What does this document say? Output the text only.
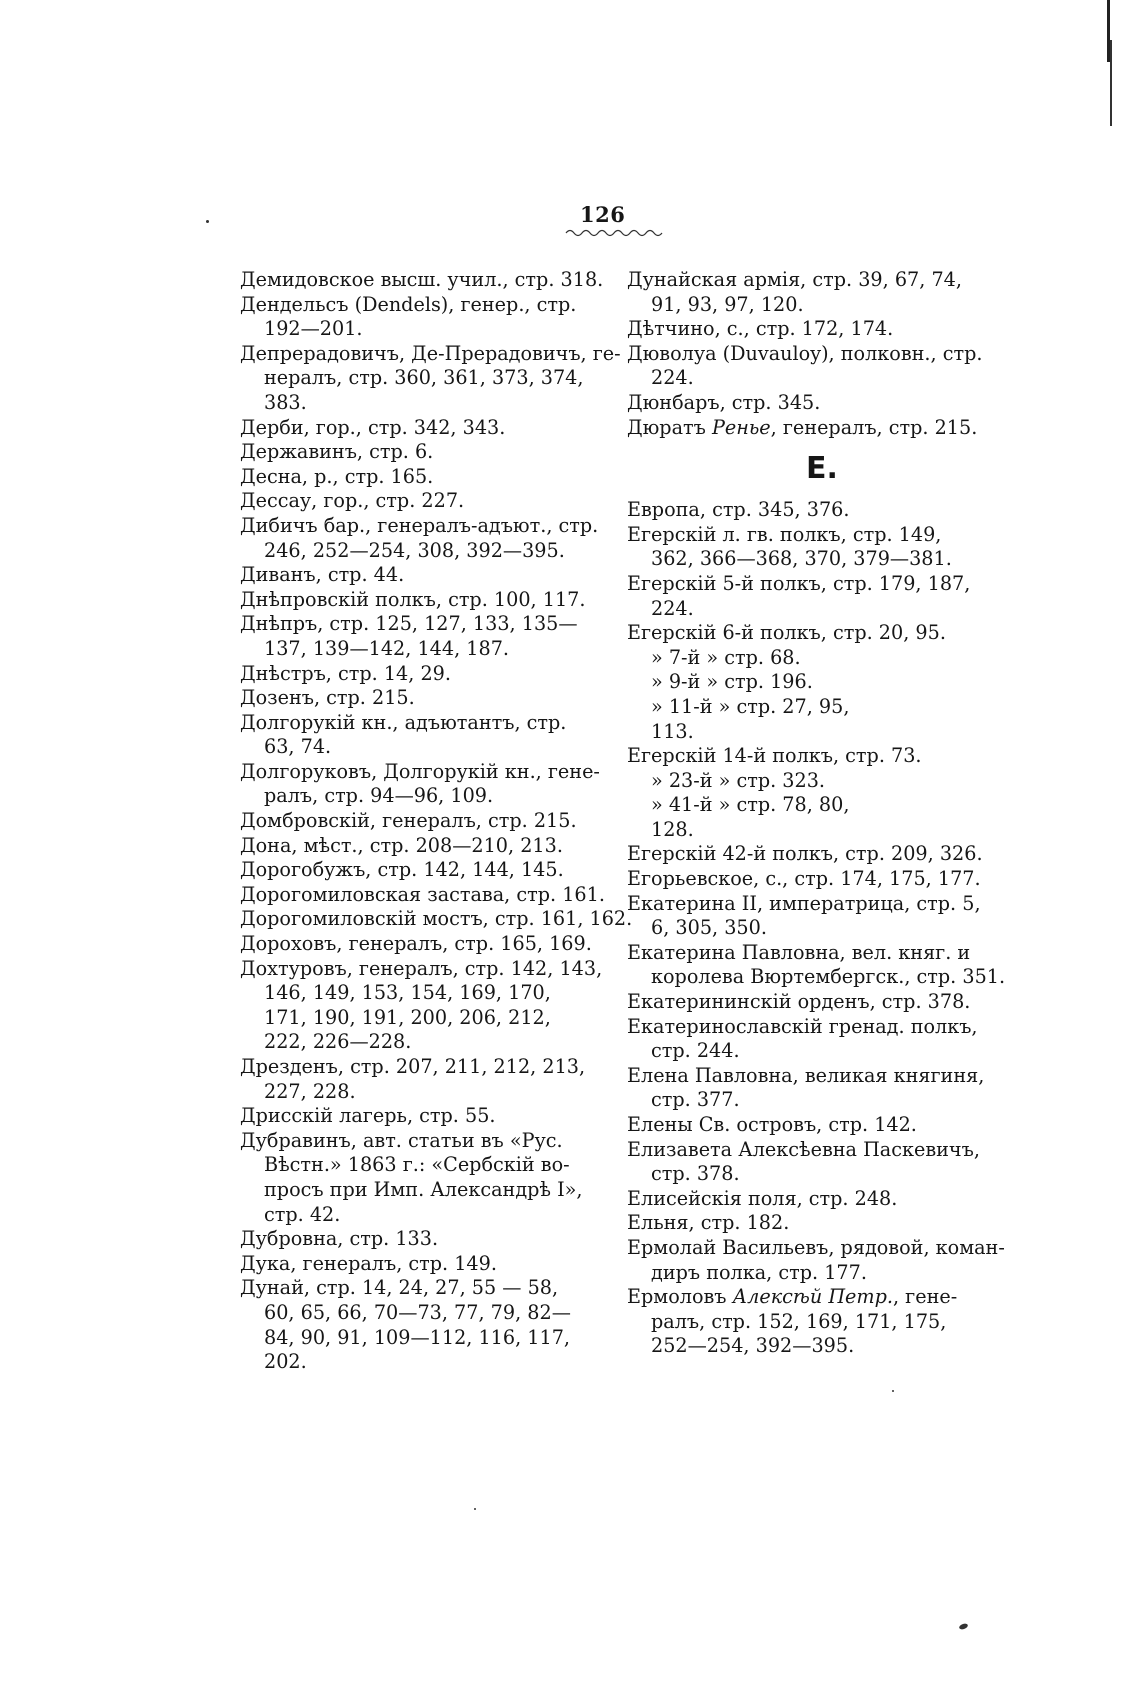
126
Демидовское высш. учил., стр. 318.
Дендельсъ (Dendels), генер., стр.
192—201.
Депрерадовичъ, Де-Прерадовичъ, ге-
нералъ, стр. 360, 361, 373, 374,
383.
Дерби, гор., стр. 342, 343.
Державинъ, стр. 6.
Десна, р., стр. 165.
Дессау, гор., стр. 227.
Дибичъ бар., генералъ-адъют., стр.
246, 252—254, 308, 392—395.
Диванъ, стр. 44.
Днѣпровскій полкъ, стр. 100, 117.
Днѣпръ, стр. 125, 127, 133, 135—
137, 139—142, 144, 187.
Днѣстръ, стр. 14, 29.
Дозенъ, стр. 215.
Долгорукій кн., адъютантъ, стр.
63, 74.
Долгоруковъ, Долгорукій кн., гене-
ралъ, стр. 94—96, 109.
Домбровскій, генералъ, стр. 215.
Дона, мѣст., стр. 208—210, 213.
Дорогобужъ, стр. 142, 144, 145.
Дорогомиловская застава, стр. 161.
Дорогомиловскій мостъ, стр. 161, 162.
Дороховъ, генералъ, стр. 165, 169.
Дохтуровъ, генералъ, стр. 142, 143,
146, 149, 153, 154, 169, 170,
171, 190, 191, 200, 206, 212,
222, 226—228.
Дрезденъ, стр. 207, 211, 212, 213,
227, 228.
Дрисскій лагерь, стр. 55.
Дубравинъ, авт. статьи въ «Рус.
Вѣстн.» 1863 г.: «Сербскій во-
просъ при Имп. Александрѣ I»,
стр. 42.
Дубровна, стр. 133.
Дука, генералъ, стр. 149.
Дунай, стр. 14, 24, 27, 55 — 58,
60, 65, 66, 70—73, 77, 79, 82—
84, 90, 91, 109—112, 116, 117,
202.
Дунайская армія, стр. 39, 67, 74,
91, 93, 97, 120.
Дѣтчино, с., стр. 172, 174.
Дюволуа (Duvauloy), полковн., стр.
224.
Дюнбаръ, стр. 345.
Дюратъ Ренье, генералъ, стр. 215.
Е.
Европа, стр. 345, 376.
Егерскій л. гв. полкъ, стр. 149,
362, 366—368, 370, 379—381.
Егерскій 5-й полкъ, стр. 179, 187,
224.
Егерскій 6-й полкъ, стр. 20, 95.
» 7-й » стр. 68.
» 9-й » стр. 196.
» 11-й » стр. 27, 95,
113.
Егерскій 14-й полкъ, стр. 73.
» 23-й » стр. 323.
» 41-й » стр. 78, 80,
128.
Егерскій 42-й полкъ, стр. 209, 326.
Егорьевское, с., стр. 174, 175, 177.
Екатерина II, императрица, стр. 5,
6, 305, 350.
Екатерина Павловна, вел. княг. и
королева Вюртембергск., стр. 351.
Екатерининскій орденъ, стр. 378.
Екатеринославскій гренад. полкъ,
стр. 244.
Елена Павловна, великая княгиня,
стр. 377.
Елены Св. островъ, стр. 142.
Елизавета Алексѣевна Паскевичъ,
стр. 378.
Елисейскія поля, стр. 248.
Ельня, стр. 182.
Ермолай Васильевъ, рядовой, коман-
диръ полка, стр. 177.
Ермоловъ Алексѣй Петр., гене-
ралъ, стр. 152, 169, 171, 175,
252—254, 392—395.
